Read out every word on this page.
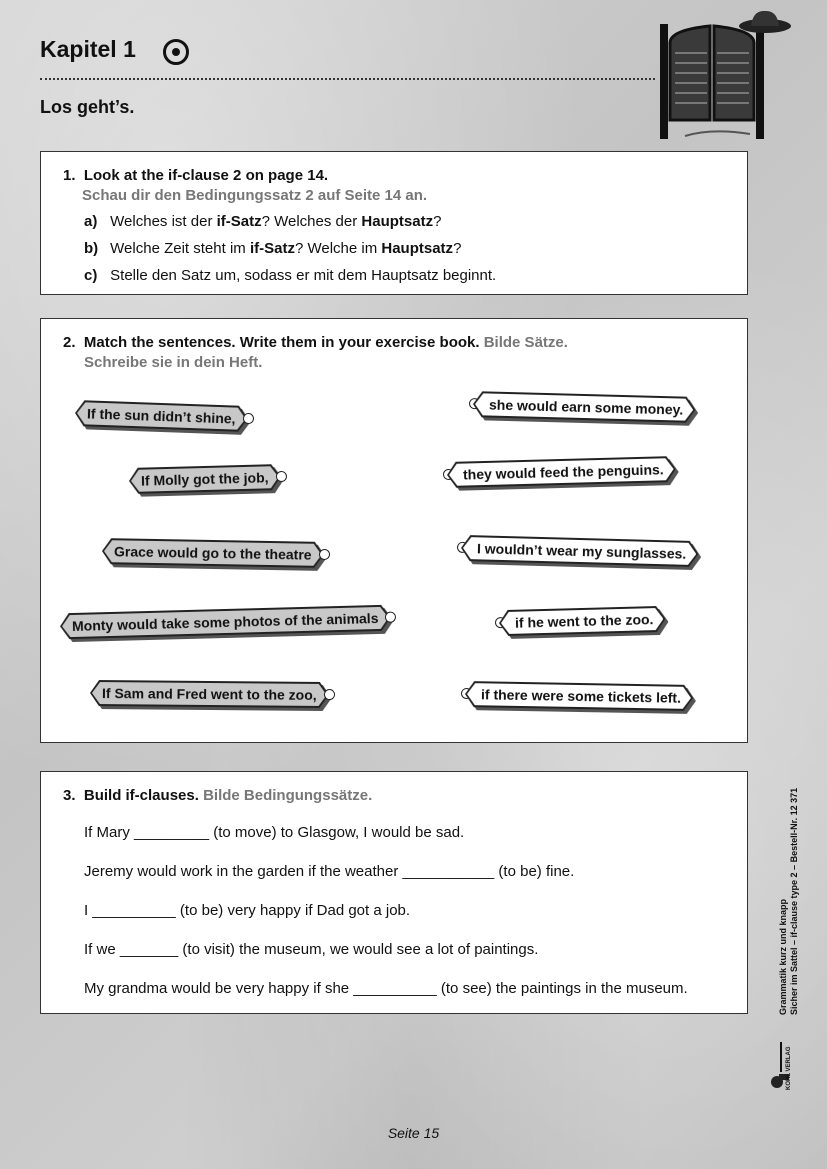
Kapitel 1
Los geht’s.
1. Look at the if-clause 2 on page 14.
Schau dir den Bedingungssatz 2 auf Seite 14 an.
a) Welches ist der if-Satz? Welches der Hauptsatz?
b) Welche Zeit steht im if-Satz? Welche im Hauptsatz?
c) Stelle den Satz um, sodass er mit dem Hauptsatz beginnt.
2. Match the sentences. Write them in your exercise book. Bilde Sätze.
Schreibe sie in dein Heft.
If the sun didn’t shine,
If Molly got the job,
Grace would go to the theatre
Monty would take some photos of the animals
If Sam and Fred went to the zoo,
she would earn some money.
they would feed the penguins.
I wouldn’t wear my sunglasses.
if he went to the zoo.
if there were some tickets left.
3. Build if-clauses. Bilde Bedingungssätze.
If Mary _________ (to move) to Glasgow, I would be sad.
Jeremy would work in the garden if the weather ___________ (to be) fine.
I __________ (to be) very happy if Dad got a job.
If we _______ (to visit) the museum, we would see a lot of paintings.
My grandma would be very happy if she __________ (to see) the paintings in the museum.	Grammatik kurz und knapp Sicher im Sattel – if-clause type 2 – Bestell-Nr. 12 371
KOHL VERLAG
Seite 15
